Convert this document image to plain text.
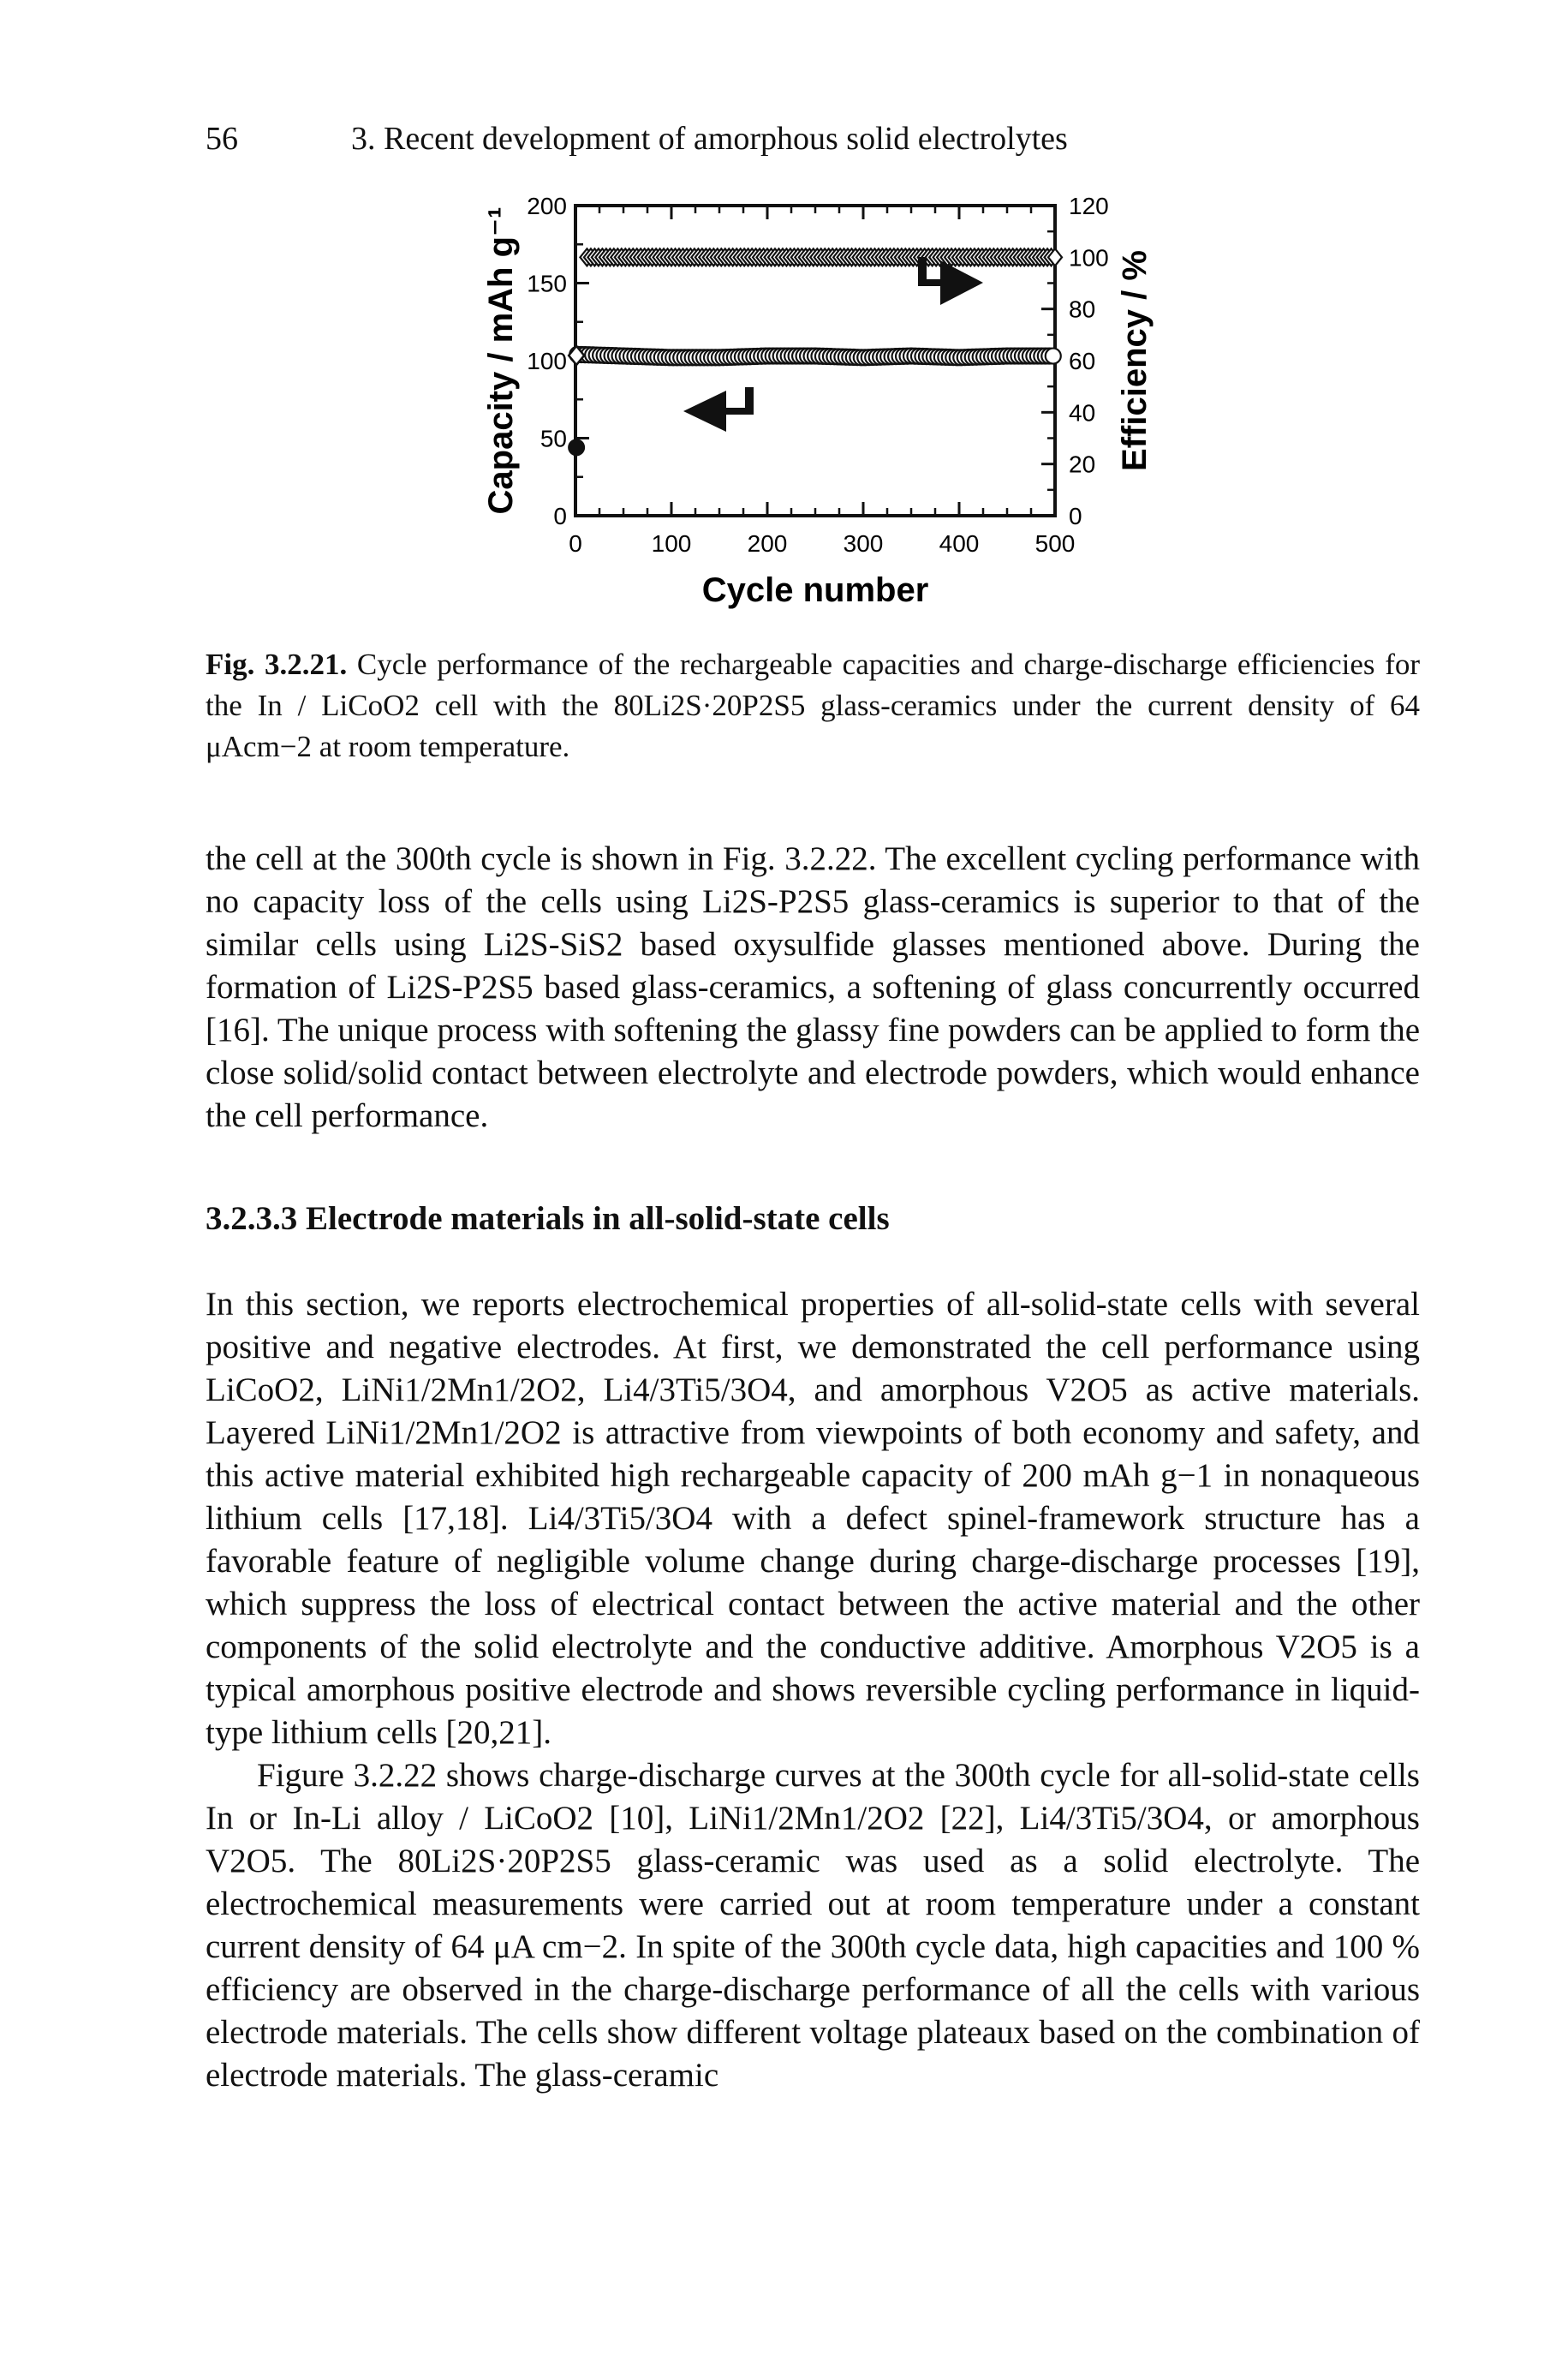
56	3. Recent development of amorphous solid electrolytes
0	100 200 300 400 500
0
50
100
150
200
0
20
40
60
80
100
120
Cycle number
Capacity / mAh g⁻¹	Efficiency / %
Fig. 3.2.21. Cycle performance of the rechargeable capacities and charge-discharge efficiencies for the In / LiCoO2 cell with the 80Li2S·20P2S5 glass-ceramics under the current density of 64 μAcm−2 at room temperature.

the cell at the 300th cycle is shown in Fig. 3.2.22. The excellent cycling performance with no capacity loss of the cells using Li2S-P2S5 glass-ceramics is superior to that of the similar cells using Li2S-SiS2 based oxysulfide glasses mentioned above. During the formation of Li2S-P2S5 based glass-ceramics, a softening of glass concurrently occurred [16]. The unique process with softening the glassy fine powders can be applied to form the close solid/solid contact between electrolyte and electrode powders, which would enhance the cell performance.

3.2.3.3 Electrode materials in all-solid-state cells

In this section, we reports electrochemical properties of all-solid-state cells with several positive and negative electrodes. At first, we demonstrated the cell performance using LiCoO2, LiNi1/2Mn1/2O2, Li4/3Ti5/3O4, and amorphous V2O5 as active materials. Layered LiNi1/2Mn1/2O2 is attractive from viewpoints of both economy and safety, and this active material exhibited high rechargeable capacity of 200 mAh g−1 in nonaqueous lithium cells [17,18]. Li4/3Ti5/3O4 with a defect spinel-framework structure has a favorable feature of negligible volume change during charge-discharge processes [19], which suppress the loss of electrical contact between the active material and the other components of the solid electrolyte and the conductive additive. Amorphous V2O5 is a typical amorphous positive electrode and shows reversible cycling performance in liquid-type lithium cells [20,21].

Figure 3.2.22 shows charge-discharge curves at the 300th cycle for all-solid-state cells In or In-Li alloy / LiCoO2 [10], LiNi1/2Mn1/2O2 [22], Li4/3Ti5/3O4, or amorphous V2O5. The 80Li2S·20P2S5 glass-ceramic was used as a solid electrolyte. The electrochemical measurements were carried out at room temperature under a constant current density of 64 μA cm−2. In spite of the 300th cycle data, high capacities and 100 % efficiency are observed in the charge-discharge performance of all the cells with various electrode materials. The cells show different voltage plateaux based on the combination of electrode materials. The glass-ceramic
